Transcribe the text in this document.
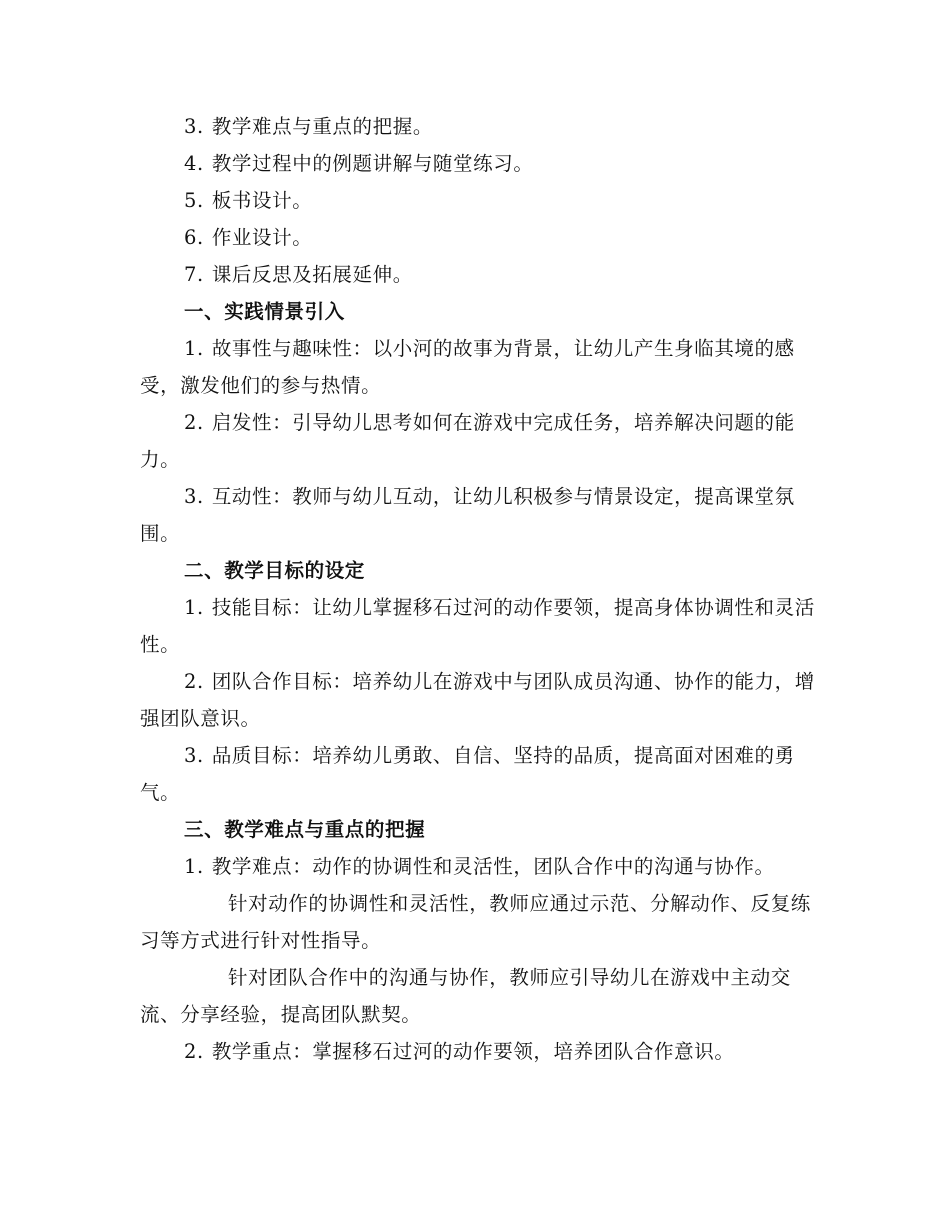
3. 教学难点与重点的把握。

4. 教学过程中的例题讲解与随堂练习。

5. 板书设计。

6. 作业设计。

7. 课后反思及拓展延伸。

一、实践情景引入

1. 故事性与趣味性：以小河的故事为背景，让幼儿产生身临其境的感受，激发他们的参与热情。

2. 启发性：引导幼儿思考如何在游戏中完成任务，培养解决问题的能力。

3. 互动性：教师与幼儿互动，让幼儿积极参与情景设定，提高课堂氛围。

二、教学目标的设定

1. 技能目标：让幼儿掌握移石过河的动作要领，提高身体协调性和灵活性。

2. 团队合作目标：培养幼儿在游戏中与团队成员沟通、协作的能力，增强团队意识。

3. 品质目标：培养幼儿勇敢、自信、坚持的品质，提高面对困难的勇气。

三、教学难点与重点的把握

1. 教学难点：动作的协调性和灵活性，团队合作中的沟通与协作。

针对动作的协调性和灵活性，教师应通过示范、分解动作、反复练习等方式进行针对性指导。

针对团队合作中的沟通与协作，教师应引导幼儿在游戏中主动交流、分享经验，提高团队默契。

2. 教学重点：掌握移石过河的动作要领，培养团队合作意识。
